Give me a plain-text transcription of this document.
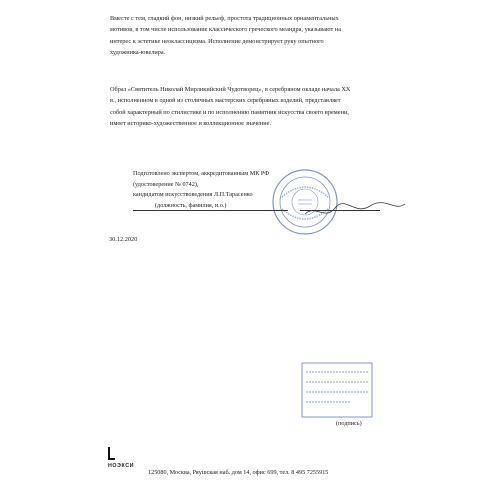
Вместе с тем, гладкий фон, низкий рельеф, простота традиционных орнаментальных
мотивов, в том числе использование классического греческого меандра, указывают на
интерес к эстетике неоклассицизма. Исполнение демонстрирует руку опытного
художника-ювелира.

Образ «Святитель Николай Мирликийский Чудотворец», в серебряном окладе начала XX
в., исполненном в одной из столичных мастерских серебряных изделий, представляет
собой характерный по стилистике и по исполнению памятник искусства своего времени,
имеет историко-художественное и коллекционное значение.

Подготовлено экспертом, аккредитованным МК РФ
(удостоверение № 0742),
кандидатом искусствоведения Л.П.Тарасенко
(должность, фамилия, и.о.)
30.12.2020
(подпись)
НОЭКСИ
125080, Москва, Ряушская наб. дом 14, офис 699, тел. 8 495 7255915
